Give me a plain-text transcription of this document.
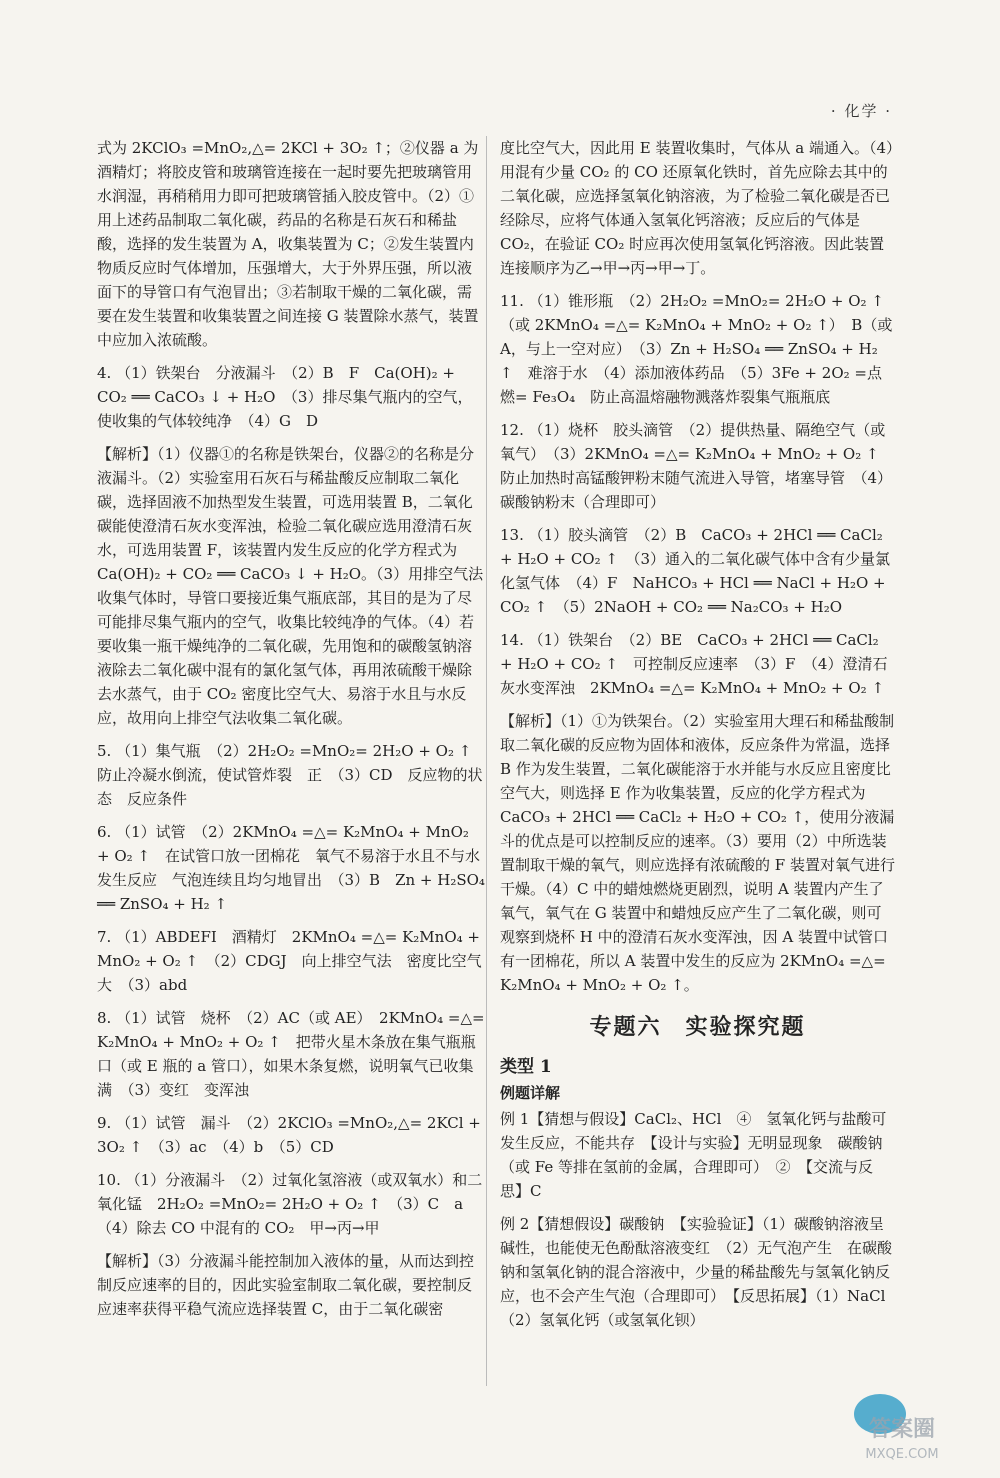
· 化学 ·

式为 2KClO₃ =MnO₂,△= 2KCl + 3O₂ ↑；②仪器 a 为酒精灯；将胶皮管和玻璃管连接在一起时要先把玻璃管用水润湿，再稍稍用力即可把玻璃管插入胶皮管中。（2）①用上述药品制取二氧化碳，药品的名称是石灰石和稀盐酸，选择的发生装置为 A，收集装置为 C；②发生装置内物质反应时气体增加，压强增大，大于外界压强，所以液面下的导管口有气泡冒出；③若制取干燥的二氧化碳，需要在发生装置和收集装置之间连接 G 装置除水蒸气，装置中应加入浓硫酸。

4. （1）铁架台　分液漏斗　（2）B　F　Ca(OH)₂ + CO₂ ══ CaCO₃ ↓ + H₂O　（3）排尽集气瓶内的空气，使收集的气体较纯净　（4）G　D

【解析】（1）仪器①的名称是铁架台，仪器②的名称是分液漏斗。（2）实验室用石灰石与稀盐酸反应制取二氧化碳，选择固液不加热型发生装置，可选用装置 B，二氧化碳能使澄清石灰水变浑浊，检验二氧化碳应选用澄清石灰水，可选用装置 F，该装置内发生反应的化学方程式为 Ca(OH)₂ + CO₂ ══ CaCO₃ ↓ + H₂O。（3）用排空气法收集气体时，导管口要接近集气瓶底部，其目的是为了尽可能排尽集气瓶内的空气，收集比较纯净的气体。（4）若要收集一瓶干燥纯净的二氧化碳，先用饱和的碳酸氢钠溶液除去二氧化碳中混有的氯化氢气体，再用浓硫酸干燥除去水蒸气，由于 CO₂ 密度比空气大、易溶于水且与水反应，故用向上排空气法收集二氧化碳。

5. （1）集气瓶　（2）2H₂O₂ =MnO₂= 2H₂O + O₂ ↑　防止冷凝水倒流，使试管炸裂　正　（3）CD　反应物的状态　反应条件

6. （1）试管　（2）2KMnO₄ =△= K₂MnO₄ + MnO₂ + O₂ ↑　在试管口放一团棉花　氧气不易溶于水且不与水发生反应　气泡连续且均匀地冒出　（3）B　Zn + H₂SO₄ ══ ZnSO₄ + H₂ ↑

7. （1）ABDEFI　酒精灯　2KMnO₄ =△= K₂MnO₄ + MnO₂ + O₂ ↑　（2）CDGJ　向上排空气法　密度比空气大　（3）abd

8. （1）试管　烧杯　（2）AC（或 AE）　2KMnO₄ =△= K₂MnO₄ + MnO₂ + O₂ ↑　把带火星木条放在集气瓶瓶口（或 E 瓶的 a 管口），如果木条复燃，说明氧气已收集满　（3）变红　变浑浊

9. （1）试管　漏斗　（2）2KClO₃ =MnO₂,△= 2KCl + 3O₂ ↑　（3）ac　（4）b　（5）CD

10. （1）分液漏斗　（2）过氧化氢溶液（或双氧水）和二氧化锰　2H₂O₂ =MnO₂= 2H₂O + O₂ ↑　（3）C　a　（4）除去 CO 中混有的 CO₂　甲→丙→甲

【解析】（3）分液漏斗能控制加入液体的量，从而达到控制反应速率的目的，因此实验室制取二氧化碳，要控制反应速率获得平稳气流应选择装置 C，由于二氧化碳密

度比空气大，因此用 E 装置收集时，气体从 a 端通入。（4）用混有少量 CO₂ 的 CO 还原氧化铁时，首先应除去其中的二氧化碳，应选择氢氧化钠溶液，为了检验二氧化碳是否已经除尽，应将气体通入氢氧化钙溶液；反应后的气体是 CO₂，在验证 CO₂ 时应再次使用氢氧化钙溶液。因此装置连接顺序为乙→甲→丙→甲→丁。

11. （1）锥形瓶　（2）2H₂O₂ =MnO₂= 2H₂O + O₂ ↑（或 2KMnO₄ =△= K₂MnO₄ + MnO₂ + O₂ ↑）　B（或 A，与上一空对应）　（3）Zn + H₂SO₄ ══ ZnSO₄ + H₂ ↑　难溶于水　（4）添加液体药品　（5）3Fe + 2O₂ =点燃= Fe₃O₄　防止高温熔融物溅落炸裂集气瓶瓶底

12. （1）烧杯　胶头滴管　（2）提供热量、隔绝空气（或氧气）　（3）2KMnO₄ =△= K₂MnO₄ + MnO₂ + O₂ ↑　防止加热时高锰酸钾粉末随气流进入导管，堵塞导管　（4）碳酸钠粉末（合理即可）

13. （1）胶头滴管　（2）B　CaCO₃ + 2HCl ══ CaCl₂ + H₂O + CO₂ ↑　（3）通入的二氧化碳气体中含有少量氯化氢气体　（4）F　NaHCO₃ + HCl ══ NaCl + H₂O + CO₂ ↑　（5）2NaOH + CO₂ ══ Na₂CO₃ + H₂O

14. （1）铁架台　（2）BE　CaCO₃ + 2HCl ══ CaCl₂ + H₂O + CO₂ ↑　可控制反应速率　（3）F　（4）澄清石灰水变浑浊　2KMnO₄ =△= K₂MnO₄ + MnO₂ + O₂ ↑

【解析】（1）①为铁架台。（2）实验室用大理石和稀盐酸制取二氧化碳的反应物为固体和液体，反应条件为常温，选择 B 作为发生装置，二氧化碳能溶于水并能与水反应且密度比空气大，则选择 E 作为收集装置，反应的化学方程式为 CaCO₃ + 2HCl ══ CaCl₂ + H₂O + CO₂ ↑，使用分液漏斗的优点是可以控制反应的速率。（3）要用（2）中所选装置制取干燥的氧气，则应选择有浓硫酸的 F 装置对氧气进行干燥。（4）C 中的蜡烛燃烧更剧烈，说明 A 装置内产生了氧气，氧气在 G 装置中和蜡烛反应产生了二氧化碳，则可观察到烧杯 H 中的澄清石灰水变浑浊，因 A 装置中试管口有一团棉花，所以 A 装置中发生的反应为 2KMnO₄ =△= K₂MnO₄ + MnO₂ + O₂ ↑。

专题六　实验探究题
类型 1
例题详解

例 1【猜想与假设】CaCl₂、HCl　④　氢氧化钙与盐酸可发生反应，不能共存　【设计与实验】无明显现象　碳酸钠（或 Fe 等排在氢前的金属，合理即可）　②　【交流与反思】C

例 2【猜想假设】碳酸钠　【实验验证】（1）碳酸钠溶液呈碱性，也能使无色酚酞溶液变红　（2）无气泡产生　在碳酸钠和氢氧化钠的混合溶液中，少量的稀盐酸先与氢氧化钠反应，也不会产生气泡（合理即可）　【反思拓展】（1）NaCl　（2）氢氧化钙（或氢氧化钡）

答案圈
MXQE.COM
